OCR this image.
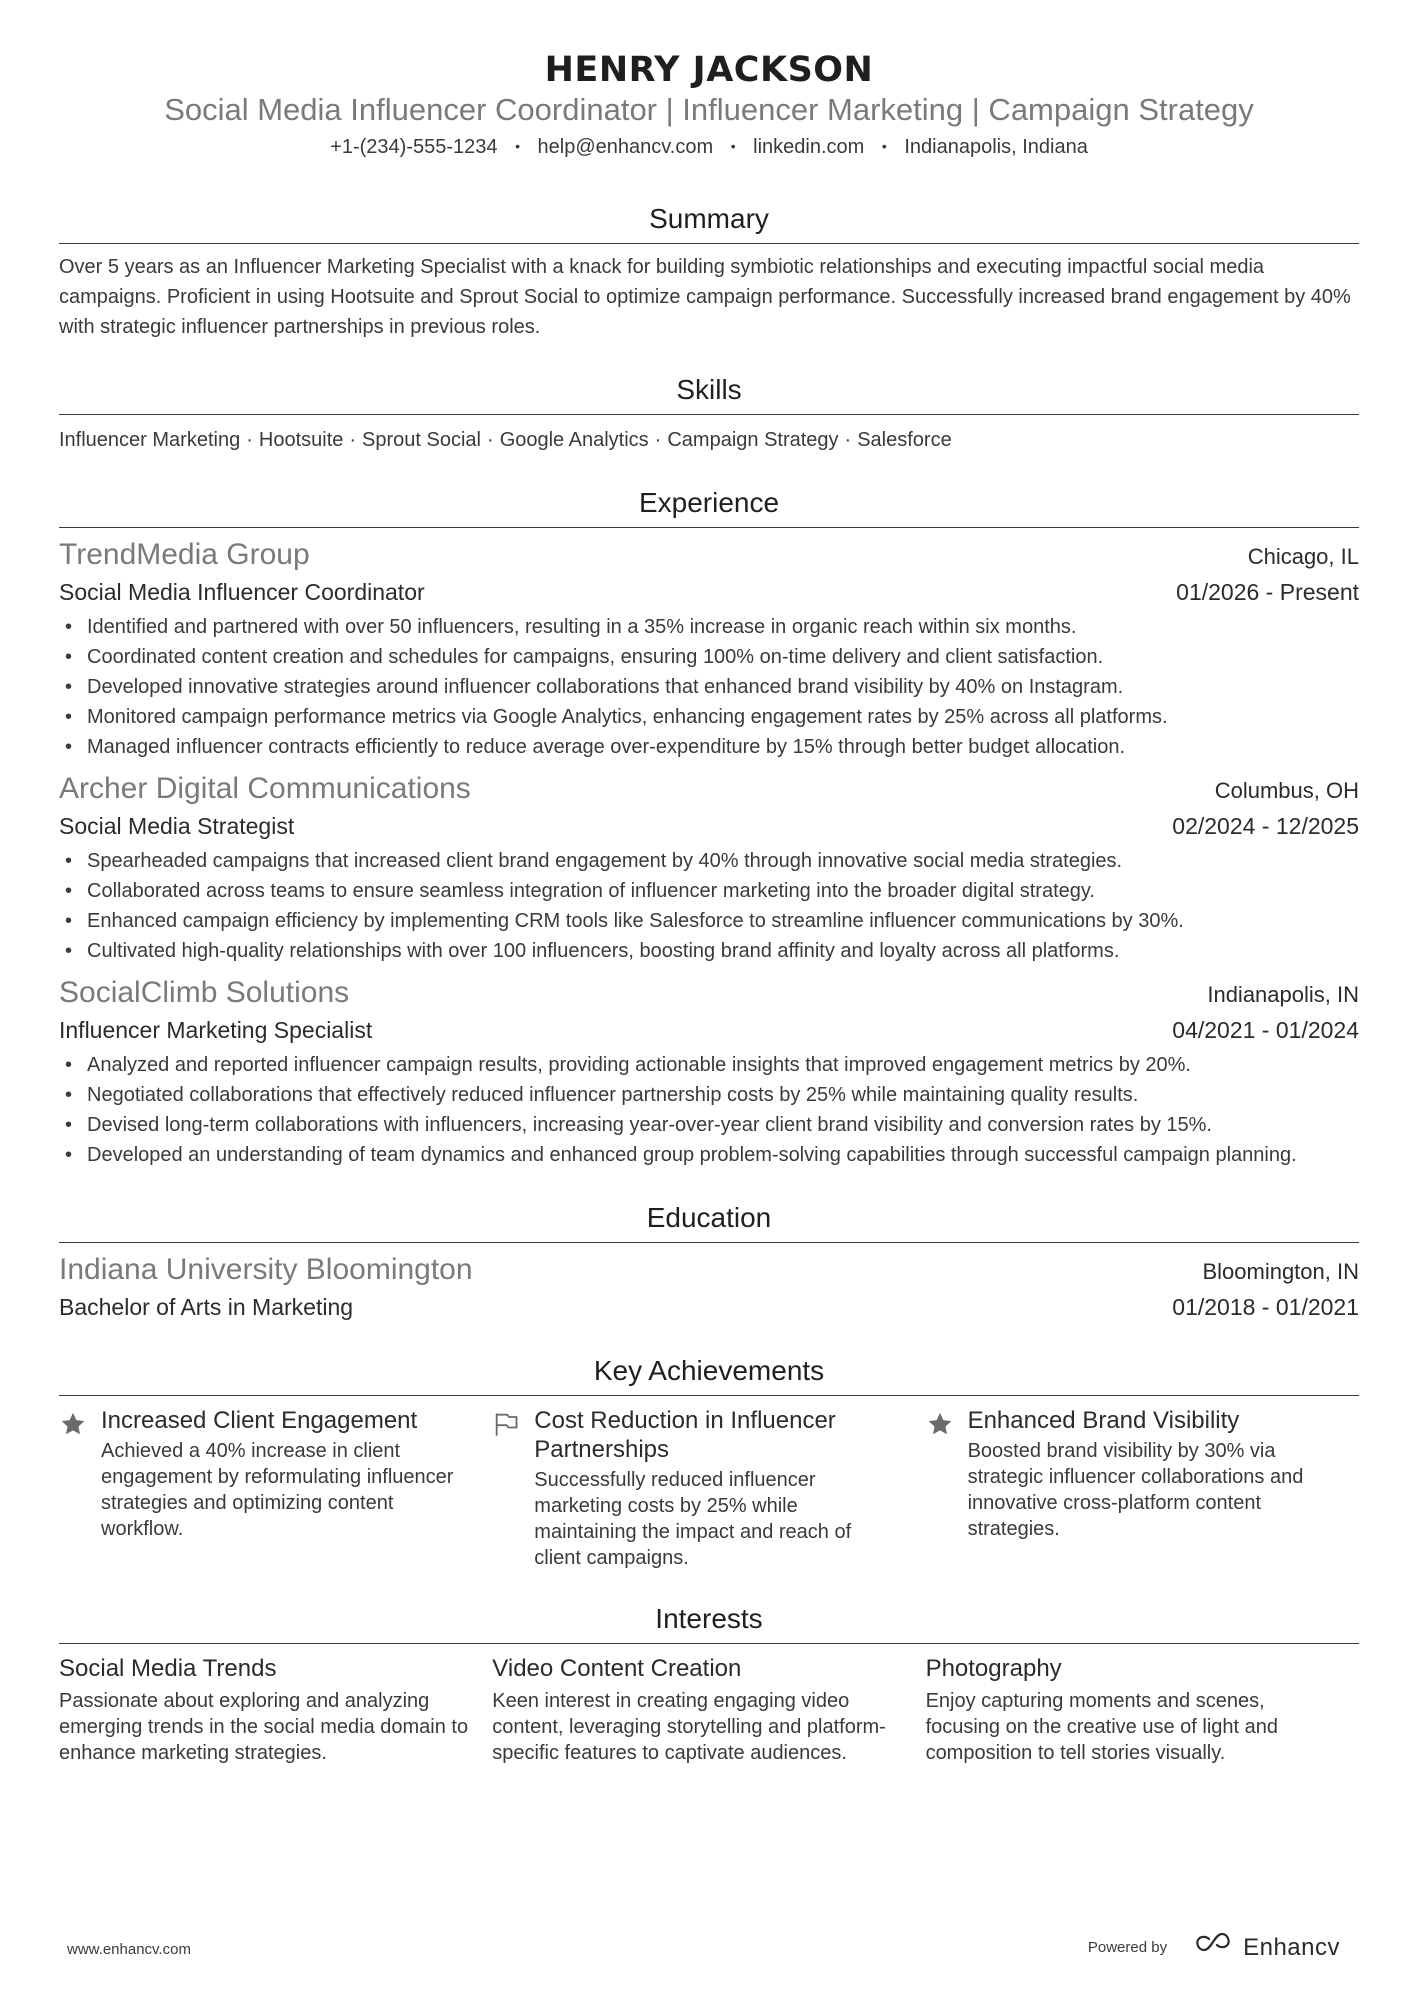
HENRY JACKSON
Social Media Influencer Coordinator | Influencer Marketing | Campaign Strategy
+1-(234)-555-1234 • help@enhancv.com • linkedin.com • Indianapolis, Indiana
Summary
Over 5 years as an Influencer Marketing Specialist with a knack for building symbiotic relationships and executing impactful social media campaigns. Proficient in using Hootsuite and Sprout Social to optimize campaign performance. Successfully increased brand engagement by 40% with strategic influencer partnerships in previous roles.
Skills
Influencer Marketing · Hootsuite · Sprout Social · Google Analytics · Campaign Strategy · Salesforce
Experience
TrendMedia Group	Chicago, IL
Social Media Influencer Coordinator	01/2026 - Present
• Identified and partnered with over 50 influencers, resulting in a 35% increase in organic reach within six months.
• Coordinated content creation and schedules for campaigns, ensuring 100% on-time delivery and client satisfaction.
• Developed innovative strategies around influencer collaborations that enhanced brand visibility by 40% on Instagram.
• Monitored campaign performance metrics via Google Analytics, enhancing engagement rates by 25% across all platforms.
• Managed influencer contracts efficiently to reduce average over-expenditure by 15% through better budget allocation.
Archer Digital Communications	Columbus, OH
Social Media Strategist	02/2024 - 12/2025
• Spearheaded campaigns that increased client brand engagement by 40% through innovative social media strategies.
• Collaborated across teams to ensure seamless integration of influencer marketing into the broader digital strategy.
• Enhanced campaign efficiency by implementing CRM tools like Salesforce to streamline influencer communications by 30%.
• Cultivated high-quality relationships with over 100 influencers, boosting brand affinity and loyalty across all platforms.
SocialClimb Solutions	Indianapolis, IN
Influencer Marketing Specialist	04/2021 - 01/2024
• Analyzed and reported influencer campaign results, providing actionable insights that improved engagement metrics by 20%.
• Negotiated collaborations that effectively reduced influencer partnership costs by 25% while maintaining quality results.
• Devised long-term collaborations with influencers, increasing year-over-year client brand visibility and conversion rates by 15%.
• Developed an understanding of team dynamics and enhanced group problem-solving capabilities through successful campaign planning.
Education
Indiana University Bloomington	Bloomington, IN
Bachelor of Arts in Marketing	01/2018 - 01/2021
Key Achievements
Increased Client Engagement
Achieved a 40% increase in client engagement by reformulating influencer strategies and optimizing content workflow.
Cost Reduction in Influencer Partnerships
Successfully reduced influencer marketing costs by 25% while maintaining the impact and reach of client campaigns.
Enhanced Brand Visibility
Boosted brand visibility by 30% via strategic influencer collaborations and innovative cross-platform content strategies.
Interests
Social Media Trends
Passionate about exploring and analyzing emerging trends in the social media domain to enhance marketing strategies.
Video Content Creation
Keen interest in creating engaging video content, leveraging storytelling and platform-specific features to captivate audiences.
Photography
Enjoy capturing moments and scenes, focusing on the creative use of light and composition to tell stories visually.
www.enhancv.com	Powered by	Enhancv
